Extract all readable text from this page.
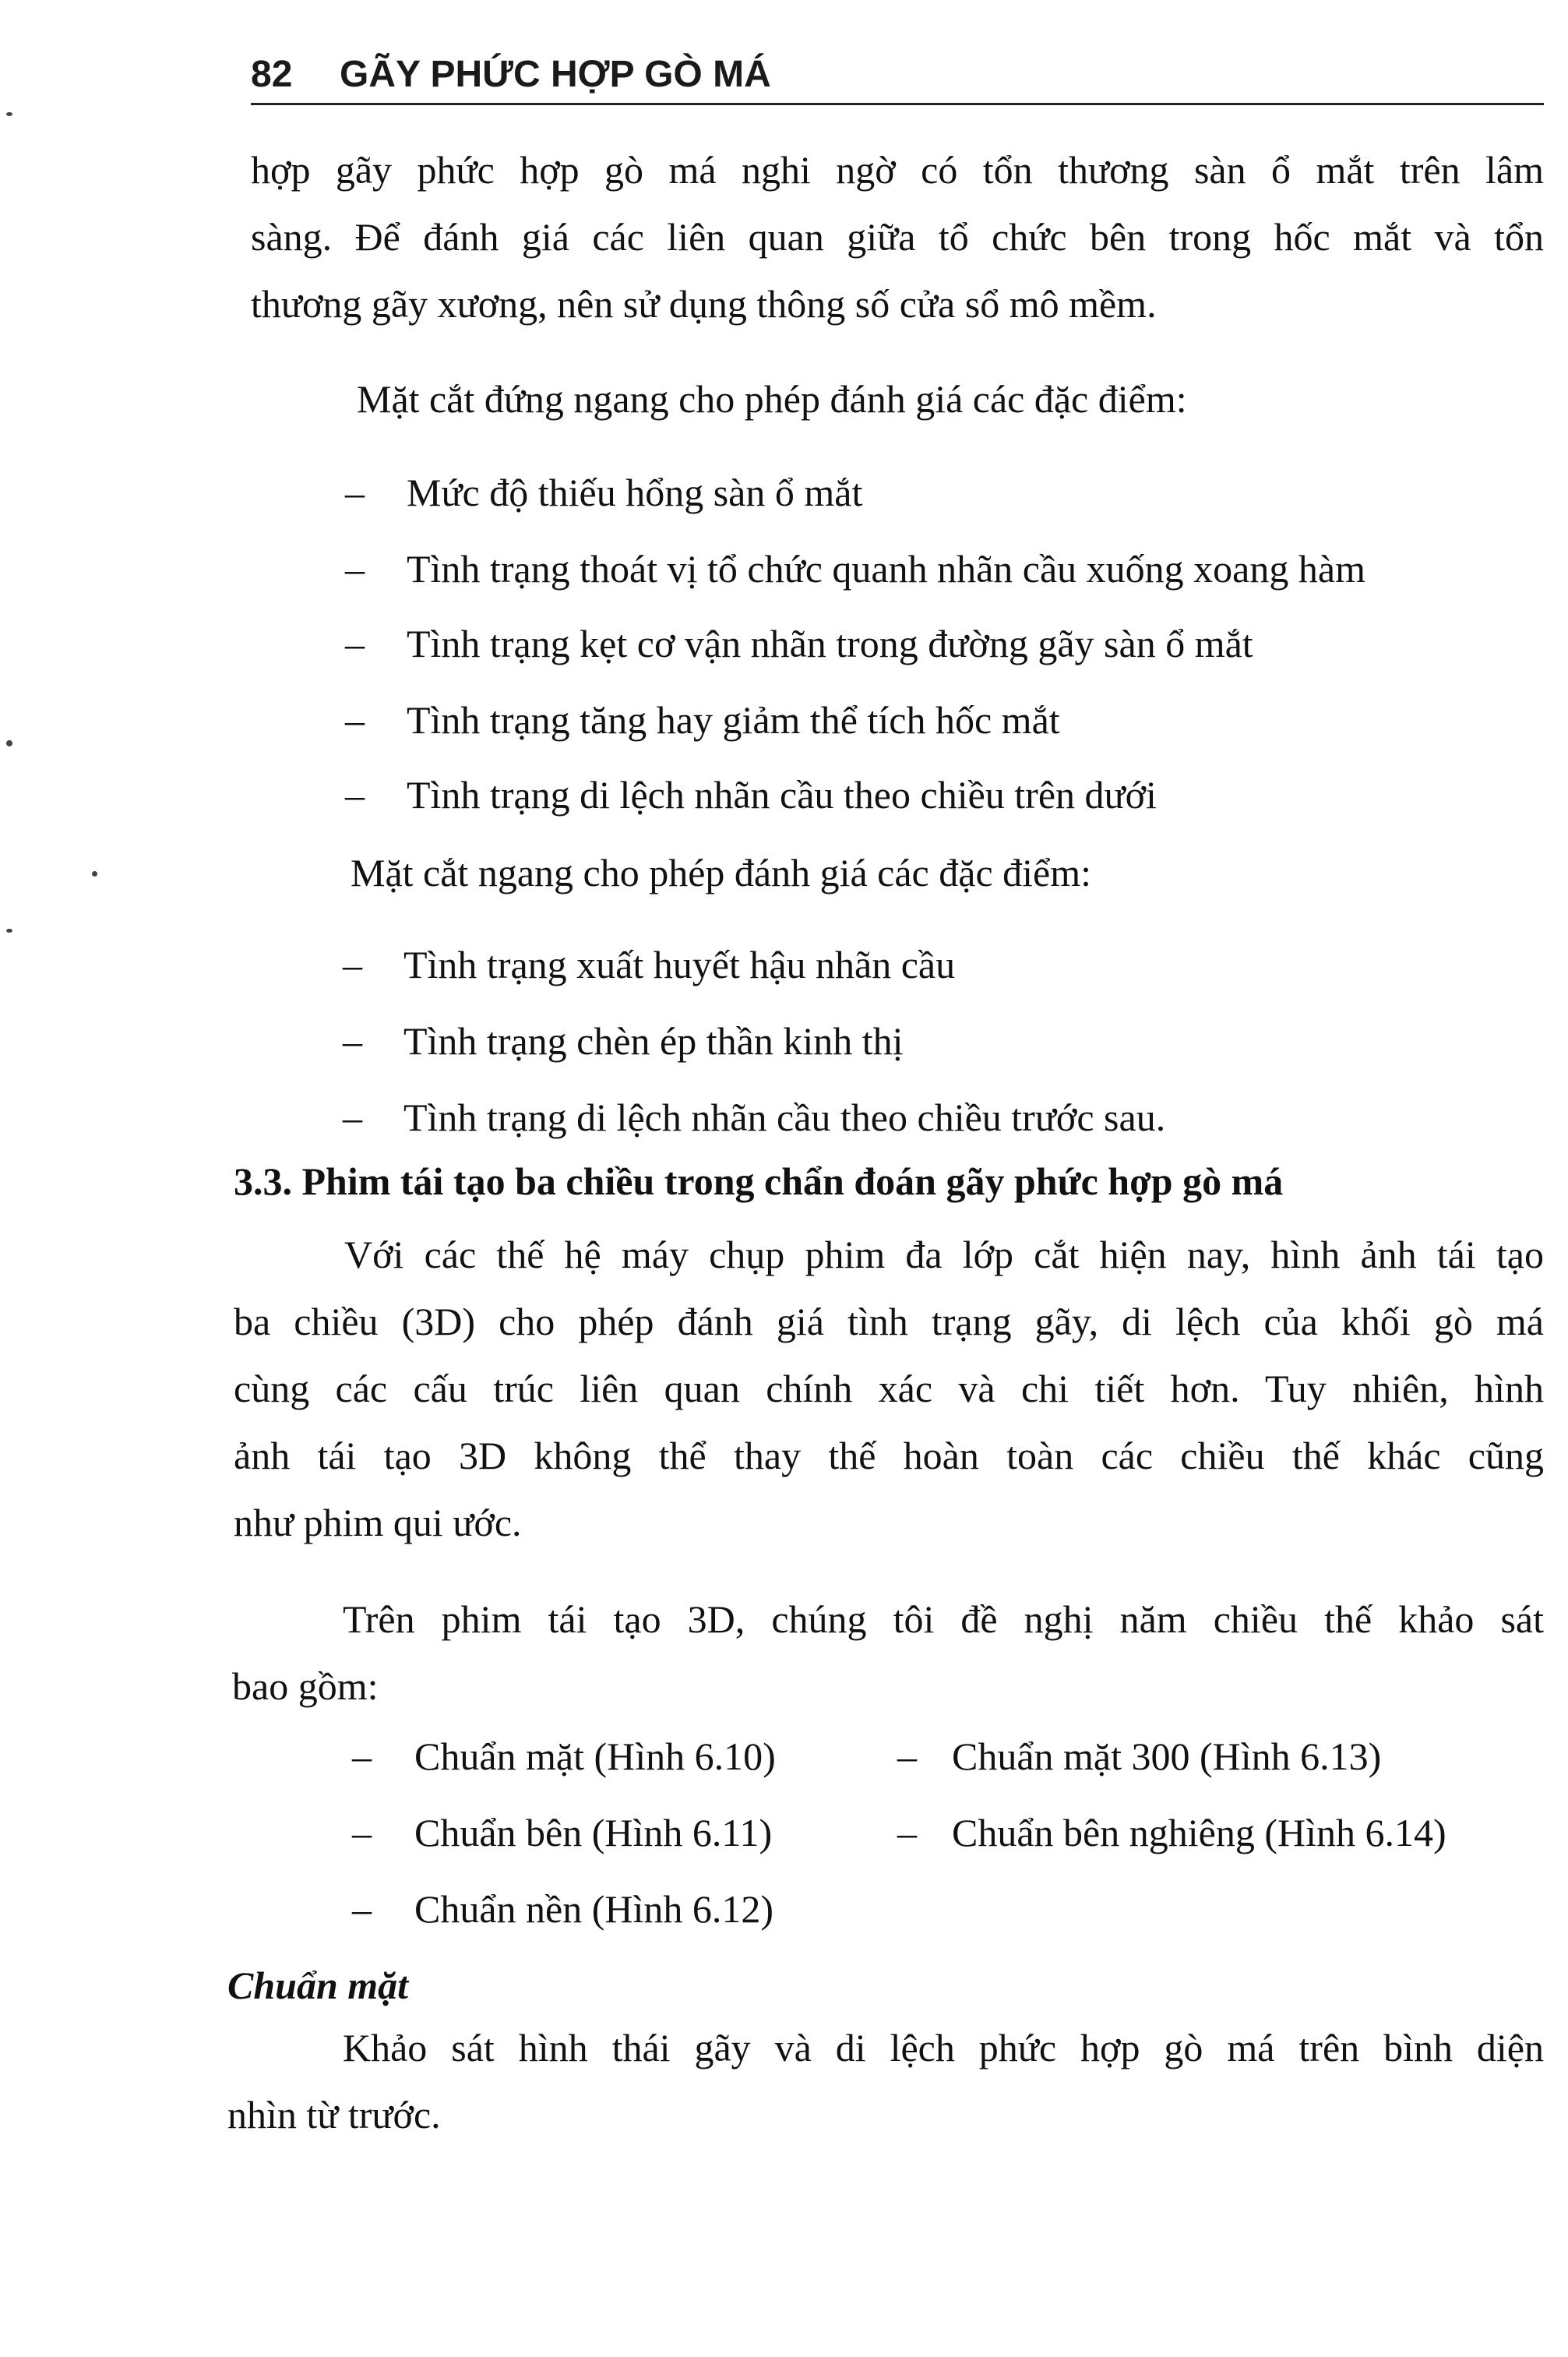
82 GÃY PHỨC HỢP GÒ MÁ
hợp gãy phức hợp gò má nghi ngờ có tổn thương sàn ổ mắt trên lâm
sàng. Để đánh giá các liên quan giữa tổ chức bên trong hốc mắt và tổn
thương gãy xương, nên sử dụng thông số cửa sổ mô mềm.
Mặt cắt đứng ngang cho phép đánh giá các đặc điểm:
– Mức độ thiếu hổng sàn ổ mắt
– Tình trạng thoát vị tổ chức quanh nhãn cầu xuống xoang hàm
– Tình trạng kẹt cơ vận nhãn trong đường gãy sàn ổ mắt
– Tình trạng tăng hay giảm thể tích hốc mắt
– Tình trạng di lệch nhãn cầu theo chiều trên dưới
Mặt cắt ngang cho phép đánh giá các đặc điểm:
– Tình trạng xuất huyết hậu nhãn cầu
– Tình trạng chèn ép thần kinh thị
– Tình trạng di lệch nhãn cầu theo chiều trước sau.
3.3. Phim tái tạo ba chiều trong chẩn đoán gãy phức hợp gò má
Với các thế hệ máy chụp phim đa lớp cắt hiện nay, hình ảnh tái tạo
ba chiều (3D) cho phép đánh giá tình trạng gãy, di lệch của khối gò má
cùng các cấu trúc liên quan chính xác và chi tiết hơn. Tuy nhiên, hình
ảnh tái tạo 3D không thể thay thế hoàn toàn các chiều thế khác cũng
như phim qui ước.
Trên phim tái tạo 3D, chúng tôi đề nghị năm chiều thế khảo sát
bao gồm:
– Chuẩn mặt (Hình 6.10)	– Chuẩn mặt 300 (Hình 6.13)
– Chuẩn bên (Hình 6.11)	– Chuẩn bên nghiêng (Hình 6.14)
– Chuẩn nền (Hình 6.12)
Chuẩn mặt
Khảo sát hình thái gãy và di lệch phức hợp gò má trên bình diện
nhìn từ trước.
